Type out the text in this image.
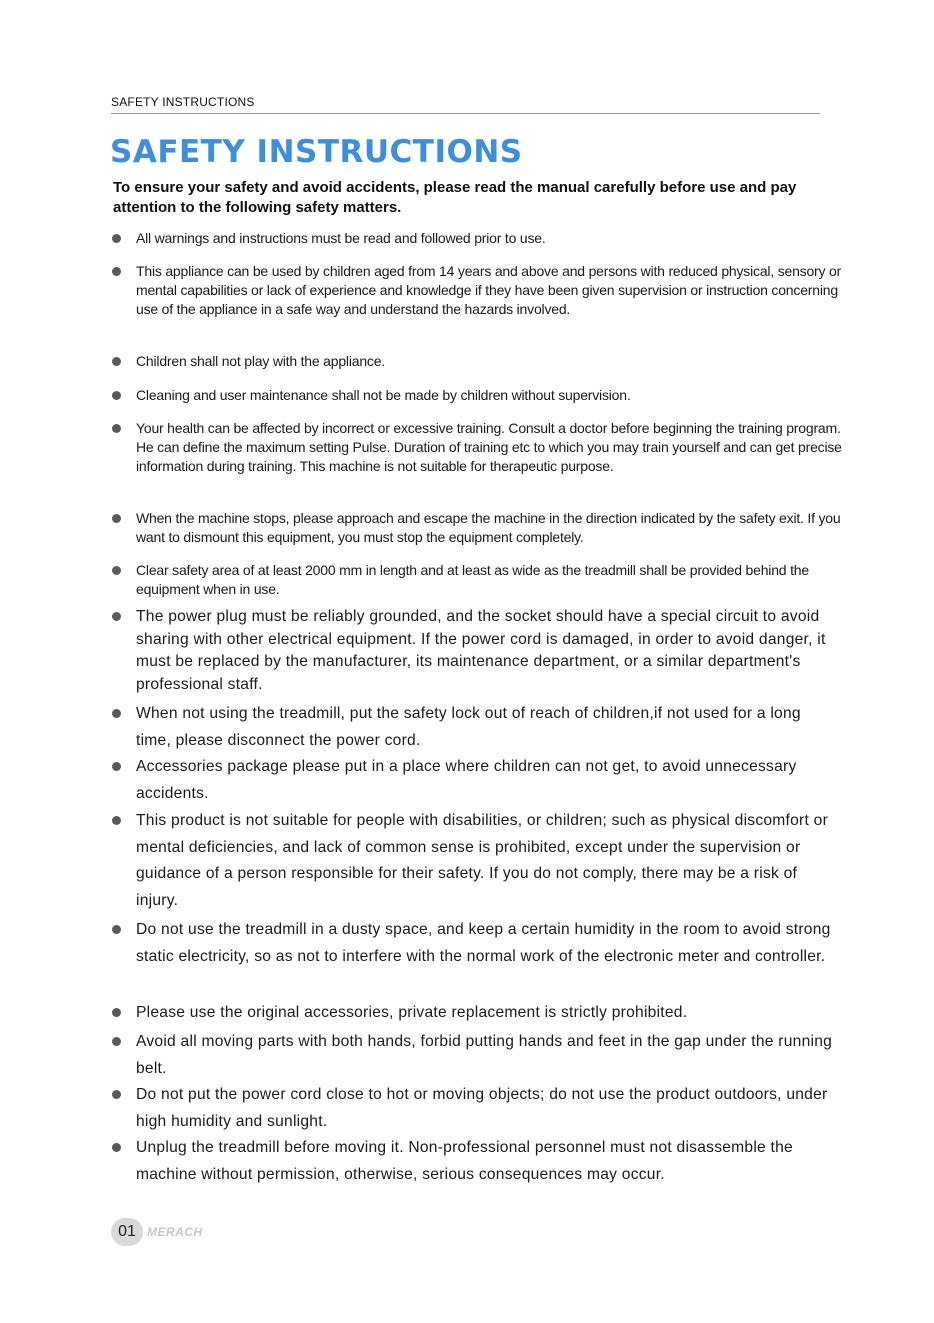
SAFETY INSTRUCTIONS
SAFETY INSTRUCTIONS

To ensure your safety and avoid accidents, please read the manual carefully before use and pay attention to the following safety matters.

All warnings and instructions must be read and followed prior to use.
This appliance can be used by children aged from 14 years and above and persons with reduced physical, sensory or mental capabilities or lack of experience and knowledge if they have been given supervision or instruction concerning use of the appliance in a safe way and understand the hazards involved.
Children shall not play with the appliance.
Cleaning and user maintenance shall not be made by children without supervision.
Your health can be affected by incorrect or excessive training. Consult a doctor before beginning the training program. He can define the maximum setting Pulse. Duration of training etc to which you may train yourself and can get precise information during training. This machine is not suitable for therapeutic purpose.
When the machine stops, please approach and escape the machine in the direction indicated by the safety exit. If you want to dismount this equipment, you must stop the equipment completely.
Clear safety area of at least 2000 mm in length and at least as wide as the treadmill shall be provided behind the equipment when in use.
The power plug must be reliably grounded, and the socket should have a special circuit to avoid sharing with other electrical equipment. If the power cord is damaged, in order to avoid danger, it must be replaced by the manufacturer, its maintenance department, or a similar department's professional staff.
When not using the treadmill, put the safety lock out of reach of children,if not used for a long time, please disconnect the power cord.
Accessories package please put in a place where children can not get, to avoid unnecessary accidents.
This product is not suitable for people with disabilities, or children; such as physical discomfort or mental deficiencies, and lack of common sense is prohibited, except under the supervision or guidance of a person responsible for their safety. If you do not comply, there may be a risk of injury.
Do not use the treadmill in a dusty space, and keep a certain humidity in the room to avoid strong static electricity, so as not to interfere with the normal work of the electronic meter and controller.
Please use the original accessories, private replacement is strictly prohibited.
Avoid all moving parts with both hands, forbid putting hands and feet in the gap under the running belt.
Do not put the power cord close to hot or moving objects; do not use the product outdoors, under high humidity and sunlight.
Unplug the treadmill before moving it. Non-professional personnel must not disassemble the machine without permission, otherwise, serious consequences may occur.
01 MERACH
